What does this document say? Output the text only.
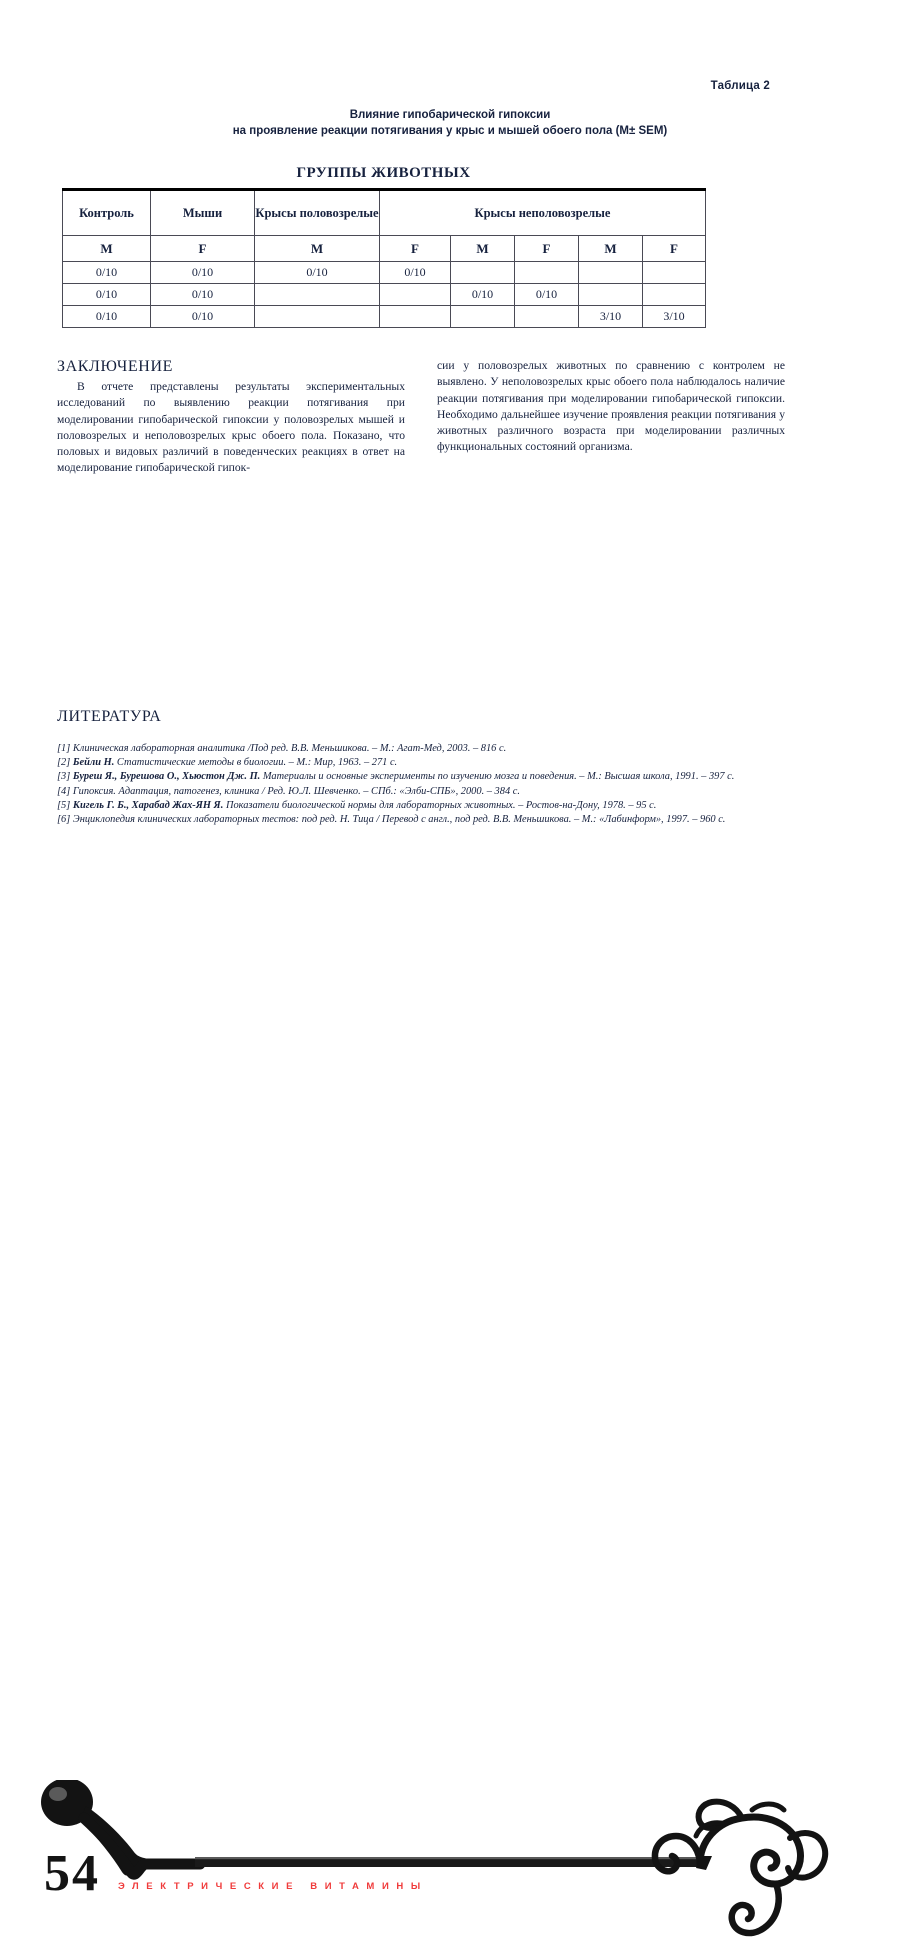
Таблица 2
Влияние гипобарической гипоксии
на проявление реакции потягивания у крыс и мышей обоего пола (М± SEM)
ГРУППЫ ЖИВОТНЫХ
Контроль	Мыши	Крысы половозрелые	Крысы неполовозрелые				
М	F	М	F	М	F	М	F
0/10	0/10	0/10	0/10				
0/10	0/10			0/10	0/10		
0/10	0/10					3/10	3/10
ЗАКЛЮЧЕНИЕ

В отчете представлены результаты экспериментальных исследований по выявлению реакции потягивания при моделировании гипобарической гипоксии у половозрелых мышей и половозрелых и неполовозрелых крыс обоего пола. Показано, что половых и видовых различий в поведенческих реакциях в ответ на моделирование гипобарической гипок-

сии у половозрелых животных по сравнению с контролем не выявлено. У неполовозрелых крыс обоего пола наблюдалось наличие реакции потягивания при моделировании гипобарической гипоксии. Необходимо дальнейшее изучение проявления реакции потягивания у животных различного возраста при моделировании различных функциональных состояний организма.

ЛИТЕРАТУРА
[1] Клиническая лабораторная аналитика /Под ред. В.В. Меньшикова. – М.: Агат-Мед, 2003. – 816 с.
[2] Бейли Н. Статистические методы в биологии. – М.: Мир, 1963. – 271 с.
[3] Буреш Я., Бурешова О., Хьюстон Дж. П. Материалы и основные эксперименты по изучению мозга и поведения. – М.: Высшая школа, 1991. – 397 с.
[4] Гипоксия. Адаптация, патогенез, клиника / Ред. Ю.Л. Шевченко. – СПб.: «Элби-СПБ», 2000. – 384 с.
[5] Кигель Г. Б., Харабад Жах-ЯН Я. Показатели биологической нормы для лабораторных животных. – Ростов-на-Дону, 1978. – 95 с.
[6] Энциклопедия клинических лабораторных тестов: под ред. Н. Тица / Перевод с англ., под ред. В.В. Меньшикова. – М.: «Лабинформ», 1997. – 960 с.
54 ЭЛЕКТРИЧЕСКИЕ ВИТАМИНЫ
